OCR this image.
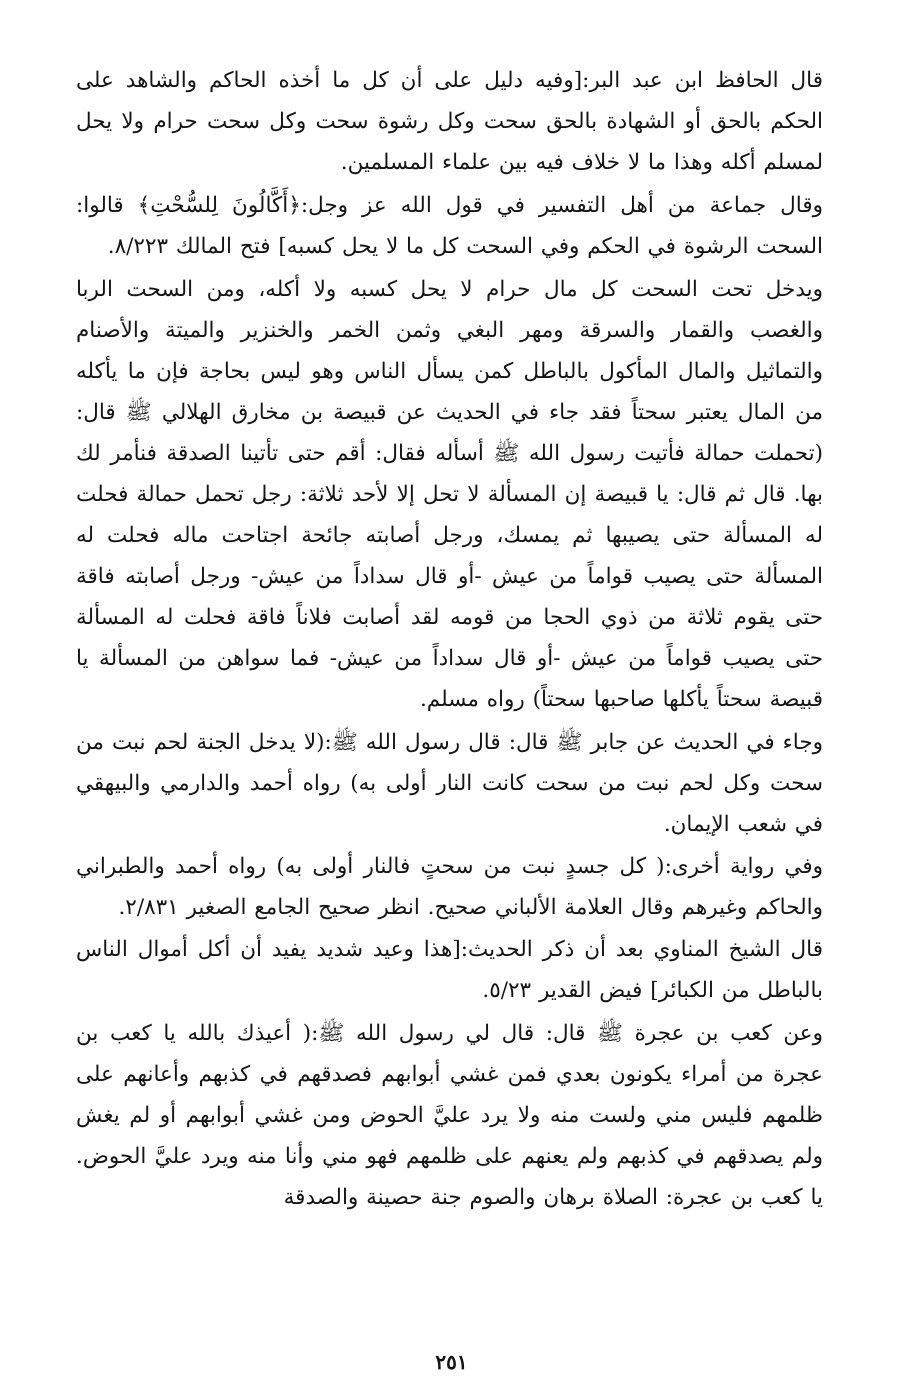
قال الحافظ ابن عبد البر:[وفيه دليل على أن كل ما أخذه الحاكم والشاهد على الحكم بالحق أو الشهادة بالحق سحت وكل رشوة سحت وكل سحت حرام ولا يحل لمسلم أكله وهذا ما لا خلاف فيه بين علماء المسلمين.

وقال جماعة من أهل التفسير في قول الله عز وجل:﴿أَكَّالُونَ لِلسُّحْتِ﴾ قالوا: السحت الرشوة في الحكم وفي السحت كل ما لا يحل كسبه] فتح المالك ٨/٢٢٣.

ويدخل تحت السحت كل مال حرام لا يحل كسبه ولا أكله، ومن السحت الربا والغصب والقمار والسرقة ومهر البغي وثمن الخمر والخنزير والميتة والأصنام والتماثيل والمال المأكول بالباطل كمن يسأل الناس وهو ليس بحاجة فإن ما يأكله من المال يعتبر سحتاً فقد جاء في الحديث عن قبيصة بن مخارق الهلالي ﷺ قال:(تحملت حمالة فأتيت رسول الله ﷺ أسأله فقال: أقم حتى تأتينا الصدقة فنأمر لك بها. قال ثم قال: يا قبيصة إن المسألة لا تحل إلا لأحد ثلاثة: رجل تحمل حمالة فحلت له المسألة حتى يصيبها ثم يمسك، ورجل أصابته جائحة اجتاحت ماله فحلت له المسألة حتى يصيب قواماً من عيش -أو قال سداداً من عيش- ورجل أصابته فاقة حتى يقوم ثلاثة من ذوي الحجا من قومه لقد أصابت فلاناً فاقة فحلت له المسألة حتى يصيب قواماً من عيش -أو قال سداداً من عيش- فما سواهن من المسألة يا قبيصة سحتاً يأكلها صاحبها سحتاً) رواه مسلم.

وجاء في الحديث عن جابر ﷺ قال: قال رسول الله ﷺ:(لا يدخل الجنة لحم نبت من سحت وكل لحم نبت من سحت كانت النار أولى به) رواه أحمد والدارمي والبيهقي في شعب الإيمان.

وفي رواية أخرى:( كل جسدٍ نبت من سحتٍ فالنار أولى به) رواه أحمد والطبراني والحاكم وغيرهم وقال العلامة الألباني صحيح. انظر صحيح الجامع الصغير ٢/٨٣١.

قال الشيخ المناوي بعد أن ذكر الحديث:[هذا وعيد شديد يفيد أن أكل أموال الناس بالباطل من الكبائر] فيض القدير ٥/٢٣.

وعن كعب بن عجرة ﷺ قال: قال لي رسول الله ﷺ:( أعيذك بالله يا كعب بن عجرة من أمراء يكونون بعدي فمن غشي أبوابهم فصدقهم في كذبهم وأعانهم على ظلمهم فليس مني ولست منه ولا يرد عليَّ الحوض ومن غشي أبوابهم أو لم يغش ولم يصدقهم في كذبهم ولم يعنهم على ظلمهم فهو مني وأنا منه ويرد عليَّ الحوض. يا كعب بن عجرة: الصلاة برهان والصوم جنة حصينة والصدقة

٢٥١
